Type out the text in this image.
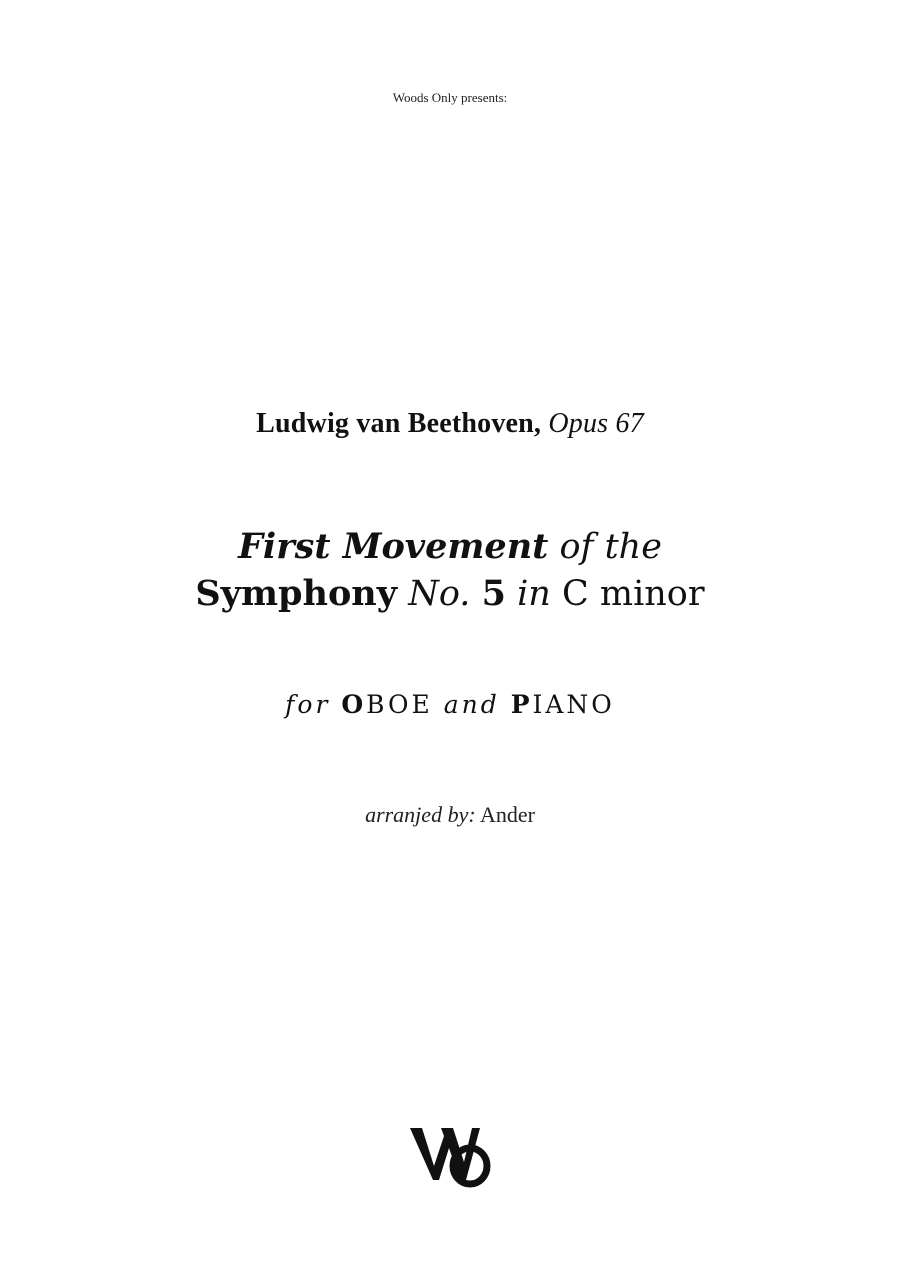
Woods Only presents:
Ludwig van Beethoven, Opus 67
First Movement of the
Symphony No. 5 in C minor
for OBOE and PIANO
arranjed by: Ander
